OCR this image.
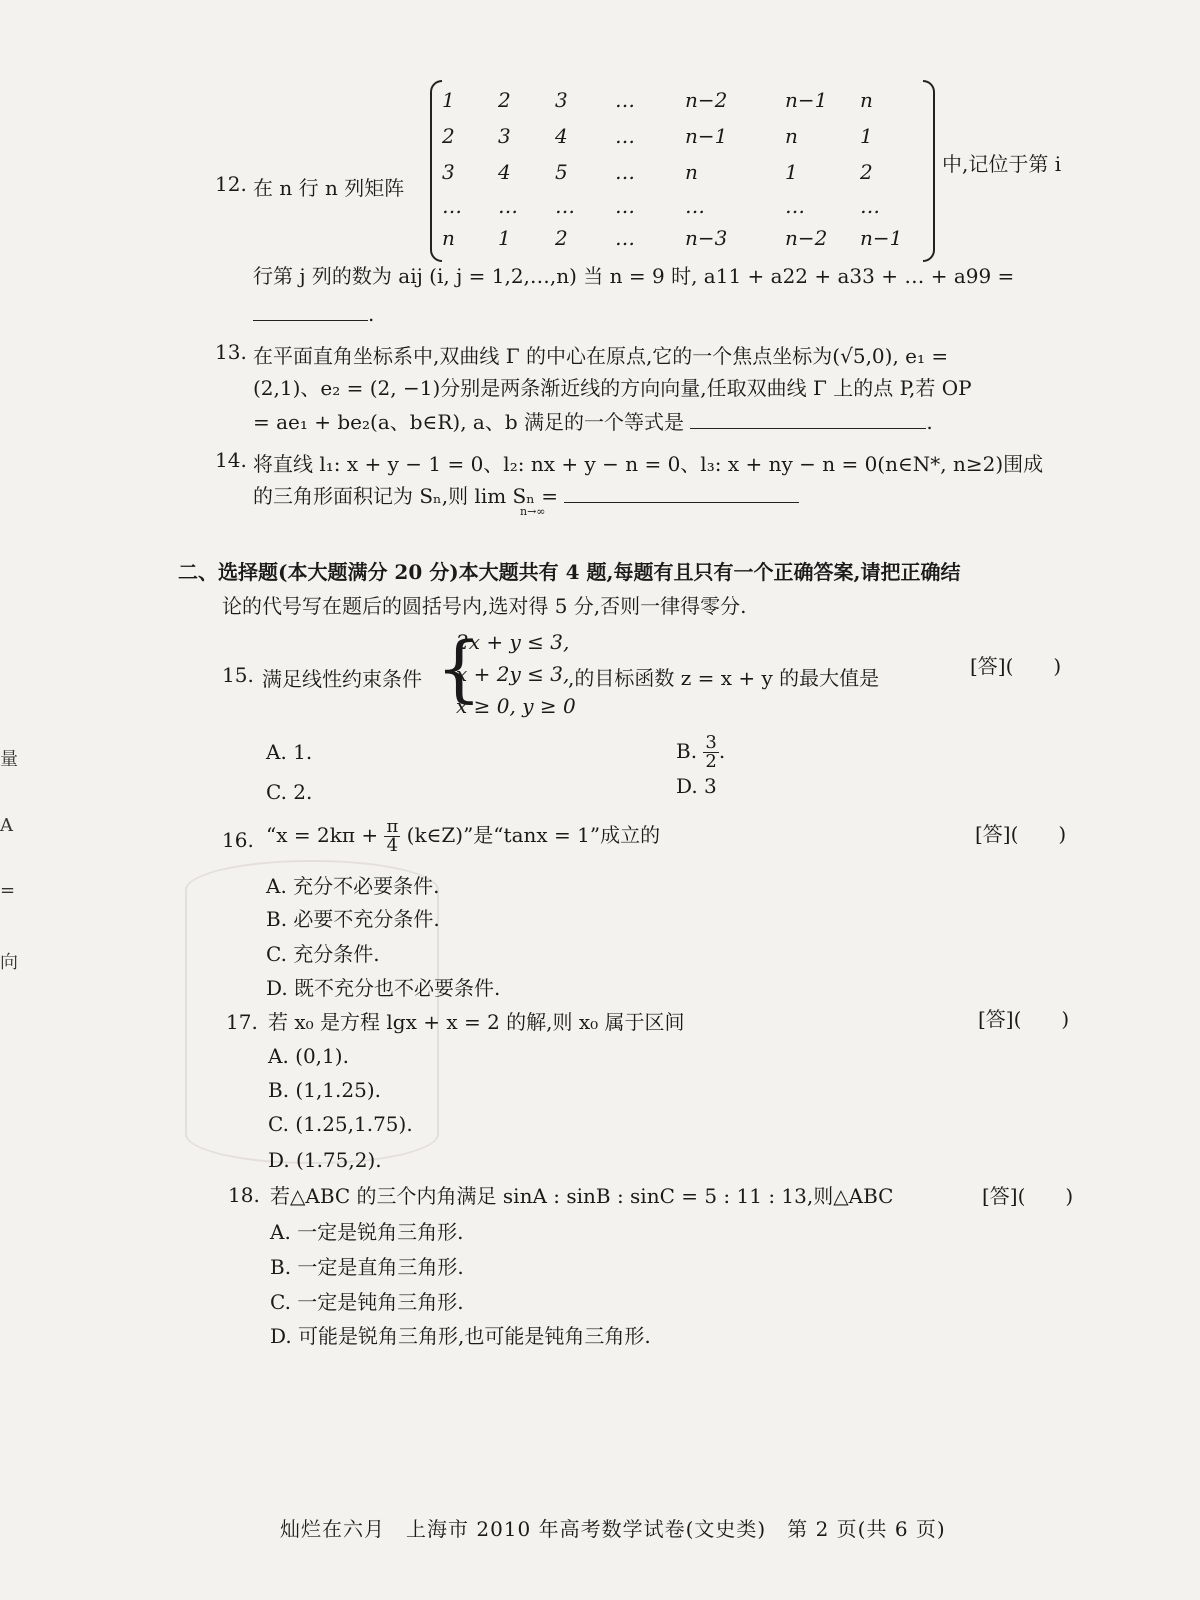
量
A
=
向
12. 在 n 行 n 列矩阵
1 2 3 …	n−2	n−1 n
2 3 4 …	n−1	n	1
3 4 5 …	n	1	2
… … … …	…	…	…
n 1 2 …	n−3	n−2 n−1
中,记位于第 i
行第 j 列的数为 aij (i, j = 1,2,…,n) 当 n = 9 时, a11 + a22 + a33 + … + a99 =
.
13. 在平面直角坐标系中,双曲线 Γ 的中心在原点,它的一个焦点坐标为(√5,0), e₁ =
(2,1)、e₂ = (2, −1)分别是两条渐近线的方向向量,任取双曲线 Γ 上的点 P,若 OP
= ae₁ + be₂(a、b∈R), a、b 满足的一个等式是	.
14. 将直线 l₁: x + y − 1 = 0、l₂: nx + y − n = 0、l₃: x + ny − n = 0(n∈N*, n≥2)围成
的三角形面积记为 Sₙ,则 lim Sₙ =
n→∞
二、选择题(本大题满分 20 分)本大题共有 4 题,每题有且只有一个正确答案,请把正确结
论的代号写在题后的圆括号内,选对得 5 分,否则一律得零分.
15. 满足线性约束条件 {
2x + y ≤ 3,
x + 2y ≤ 3,
x ≥ 0, y ≥ 0
,的目标函数 z = x + y 的最大值是	[答](　　)
A. 1.	B. $\frac{3}{2}$ .
C. 2.	D. 3
16. “$x = 2k\pi + \frac{\pi}{4}$ (k∈Z)”是“tanx = 1”成立的	[答](　　)
A. 充分不必要条件.
B. 必要不充分条件.
C. 充分条件.
D. 既不充分也不必要条件.
17. 若 x₀ 是方程 lgx + x = 2 的解,则 x₀ 属于区间	[答](　　)
A. (0,1).
B. (1,1.25).
C. (1.25,1.75).
D. (1.75,2).
18. 若△ABC 的三个内角满足 sinA : sinB : sinC = 5 : 11 : 13,则△ABC	[答](　　)
A. 一定是锐角三角形.
B. 一定是直角三角形.
C. 一定是钝角三角形.
D. 可能是锐角三角形,也可能是钝角三角形.
灿烂在六月　上海市 2010 年高考数学试卷(文史类)　第 2 页(共 6 页)
